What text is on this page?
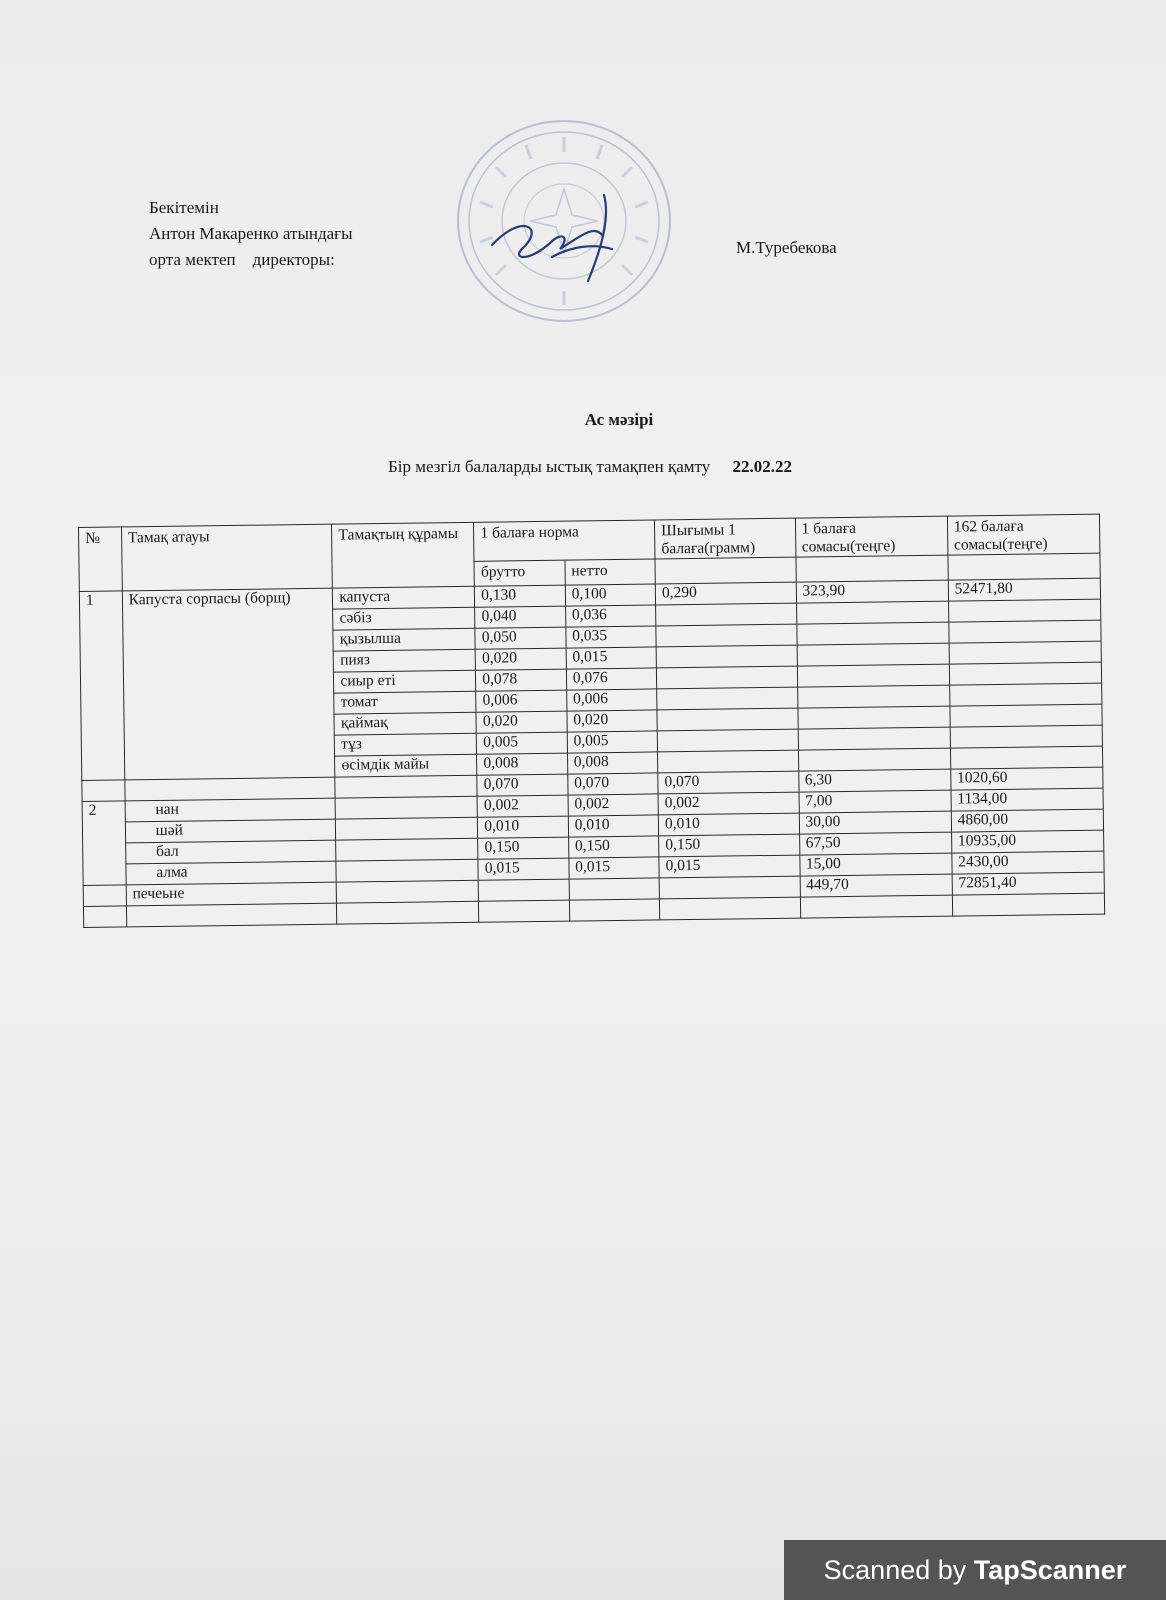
Бекітемін
Антон Макаренко атындағы
орта мектеп    директоры:
М.Туребекова
Ас мәзірі
Бір мезгіл балаларды ыстық тамақпен қамту 22.02.22
№	Тамақ атауы	Тамақтың құрамы	1 балаға норма		Шығымы 1 балаға(грамм)	1 балаға сомасы(теңге)	162 балаға сомасы(теңге)
			брутто	нетто			
1	Капуста сорпасы (борщ)	капуста	0,130	0,100	0,290	323,90	52471,80
		сәбіз	0,040	0,036			
		қызылша	0,050	0,035			
		пияз	0,020	0,015			
		сиыр еті	0,078	0,076			
		томат	0,006	0,006			
		қаймақ	0,020	0,020			
		тұз	0,005	0,005			
		өсімдік майы	0,008	0,008			
			0,070	0,070	0,070	6,30	1020,60
2	нан		0,002	0,002	0,002	7,00	1134,00
	шәй		0,010	0,010	0,010	30,00	4860,00
	бал		0,150	0,150	0,150	67,50	10935,00
	алма		0,015	0,015	0,015	15,00	2430,00
	печеьне					449,70	72851,40

Scanned by TapScanner
